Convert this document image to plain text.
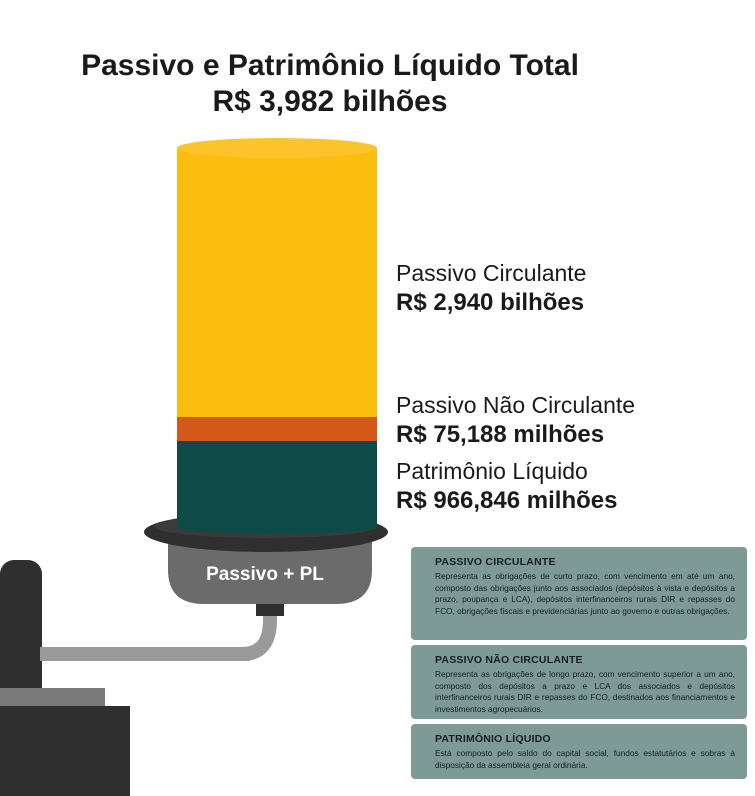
Passivo e Patrimônio Líquido Total
R$ 3,982 bilhões
Passivo Circulante
R$ 2,940 bilhões
Passivo Não Circulante
R$ 75,188 milhões
Patrimônio Líquido
R$ 966,846 milhões
Passivo + PL
PASSIVO CIRCULANTE

Representa as obrigações de curto prazo, com vencimento em até um ano, composto das obrigações junto aos associados (depósitos à vista e depósitos a prazo, poupança e LCA), depósitos interfinanceiros rurais DIR e repasses do FCO, obrigações fiscais e previdenciárias junto ao governo e outras obrigações.

PASSIVO NÃO CIRCULANTE

Representa as obrigações de longo prazo, com vencimento superior a um ano, composto dos depósitos a prazo e LCA dos associados e depósitos interfinanceiros rurais DIR e repasses do FCO, destinados aos financiamentos e investimentos agropecuários.

PATRIMÔNIO LÍQUIDO

Está composto pelo saldo do capital social, fundos estatutários e sobras à disposição da assembleia geral ordinária.
